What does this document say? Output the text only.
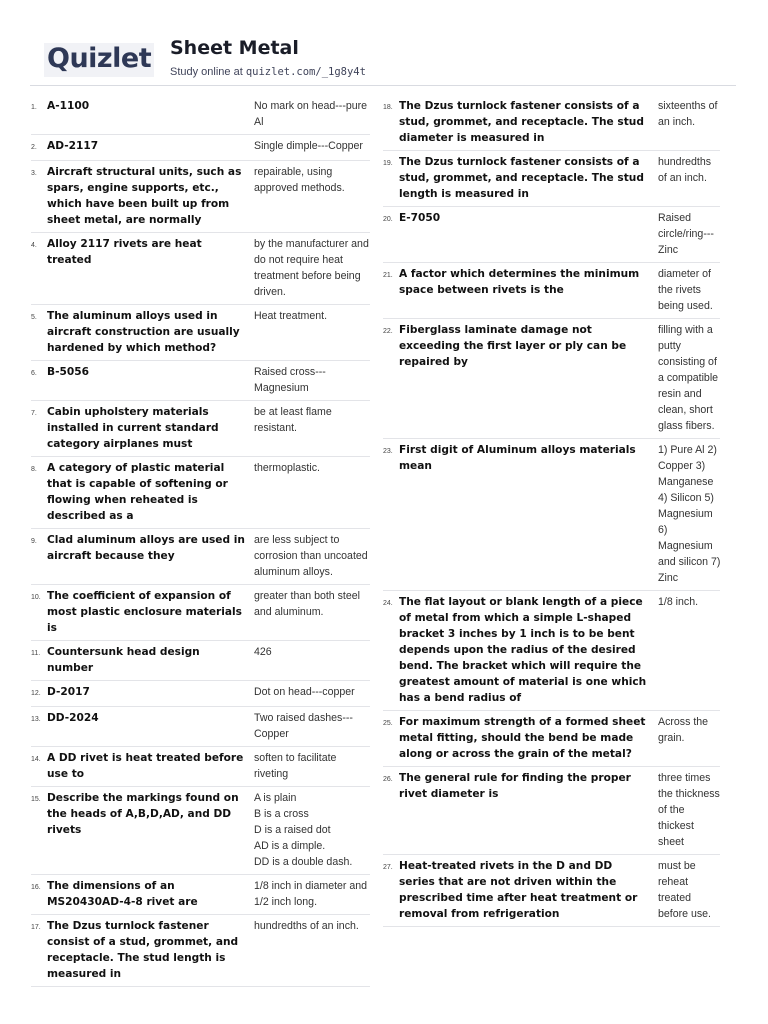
Quizlet Sheet Metal
Study online at quizlet.com/_1g8y4t
1. A-1100	No mark on head---pure Al
2. AD-2117	Single dimple---Copper
3. Aircraft structural units, such as spars, engine supports, etc., which have been built up from sheet metal, are normally
repairable, using approved methods.
4. Alloy 2117 rivets are heat treated
by the manufacturer and do not require heat treatment before being driven.
5. The aluminum alloys used in aircraft construction are usually hardened by which method?
Heat treatment.
6. B-5056	Raised cross---Magnesium
7. Cabin upholstery materials installed in current standard category airplanes must
be at least flame resistant.
8. A category of plastic material that is capable of softening or flowing when reheated is described as a
thermoplastic.
9. Clad aluminum alloys are used in aircraft because they
are less subject to corrosion than uncoated aluminum alloys.
10. The coefficient of expansion of most plastic enclosure materials is
greater than both steel and aluminum.
11. Countersunk head design number
426
12. D-2017	Dot on head---copper
13. DD-2024	Two raised dashes---Copper
14. A DD rivet is heat treated before use to
soften to facilitate riveting
15. Describe the markings found on the heads of A,B,D,AD, and DD rivets
A is plain
B is a cross
D is a raised dot
AD is a dimple.
DD is a double dash.
16. The dimensions of an MS20430AD-4-8 rivet are
1/8 inch in diameter and 1/2 inch long.
17. The Dzus turnlock fastener consist of a stud, grommet, and receptacle. The stud length is measured in
hundredths of an inch.
18. The Dzus turnlock fastener consists of a stud, grommet, and receptacle. The stud diameter is measured in
sixteenths of an inch.
19. The Dzus turnlock fastener consists of a stud, grommet, and receptacle. The stud length is measured in
hundredths of an inch.
20. E-7050	Raised circle/ring---Zinc
21. A factor which determines the minimum space between rivets is the
diameter of the rivets being used.
22. Fiberglass laminate damage not exceeding the first layer or ply can be repaired by
filling with a putty consisting of a compatible resin and clean, short glass fibers.
23. First digit of Aluminum alloys materials mean
1) Pure Al 2) Copper 3) Manganese 4) Silicon 5) Magnesium 6) Magnesium and silicon 7) Zinc
24. The flat layout or blank length of a piece of metal from which a simple L-shaped bracket 3 inches by 1 inch is to be bent depends upon the radius of the desired bend. The bracket which will require the greatest amount of material is one which has a bend radius of
1/8 inch.
25. For maximum strength of a formed sheet metal fitting, should the bend be made along or across the grain of the metal?
Across the grain.
26. The general rule for finding the proper rivet diameter is
three times the thickness of the thickest sheet
27. Heat-treated rivets in the D and DD series that are not driven within the prescribed time after heat treatment or removal from refrigeration
must be reheat treated before use.
